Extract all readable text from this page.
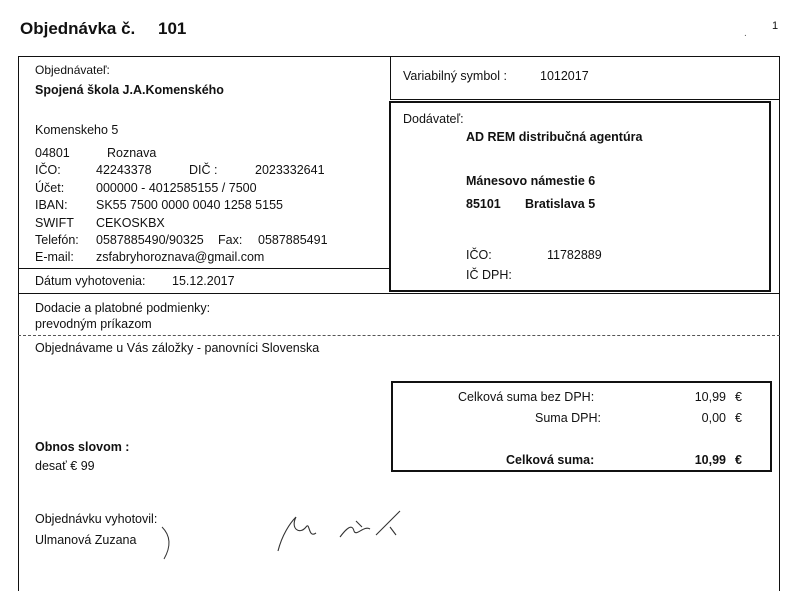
Objednávka č. 101	1
.
Objednávateľ:
Spojená škola J.A.Komenského
Komenskeho 5
04801	Roznava
IČO:	42243378	DIČ :	2023332641
Účet:	000000 - 4012585155 / 7500
IBAN: SK55 7500 0000 0040 1258 5155
SWIFT CEKOSKBX
Telefón: 0587885490/90325 Fax: 0587885491
E-mail: zsfabryhoroznava@gmail.com
Dátum vyhotovenia: 15.12.2017
Variabilný symbol :	1012017
Dodávateľ:
AD REM distribučná agentúra
Mánesovo námestie 6
85101 Bratislava 5
IČO:	11782889
IČ DPH:
Dodacie a platobné podmienky:
prevodným príkazom
Objednávame u Vás záložky - panovníci Slovenska
Celková suma bez DPH:	10,99 €
Suma DPH:	0,00 €
Celková suma:	10,99 €
Obnos slovom :
desať € 99
Objednávku vyhotovil:
Ulmanová Zuzana
